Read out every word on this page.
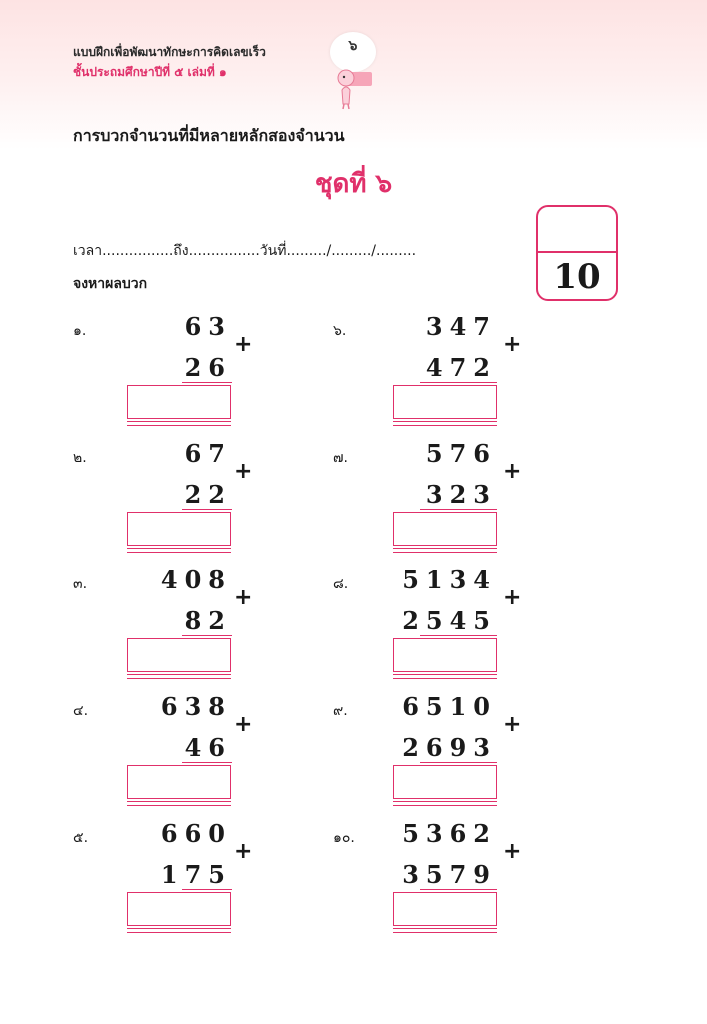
แบบฝึกเพื่อพัฒนาทักษะการคิดเลขเร็ว
ชั้นประถมศึกษาปีที่ ๕ เล่มที่ ๑
๖
การบวกจำนวนที่มีหลายหลักสองจำนวน
ชุดที่ ๖
เวลา................ถึง................วันที่........./........./.........
จงหาผลบวก	10
๑.	63
26
+
๒.	67
22
+
๓.	408
82
+
๔.	638
46
+
๕.	660
175
+
๖.	347
472
+
๗.	576
323
+
๘.	5134
2545
+
๙.	6510
2693
+
๑๐.	5362
3579
+
